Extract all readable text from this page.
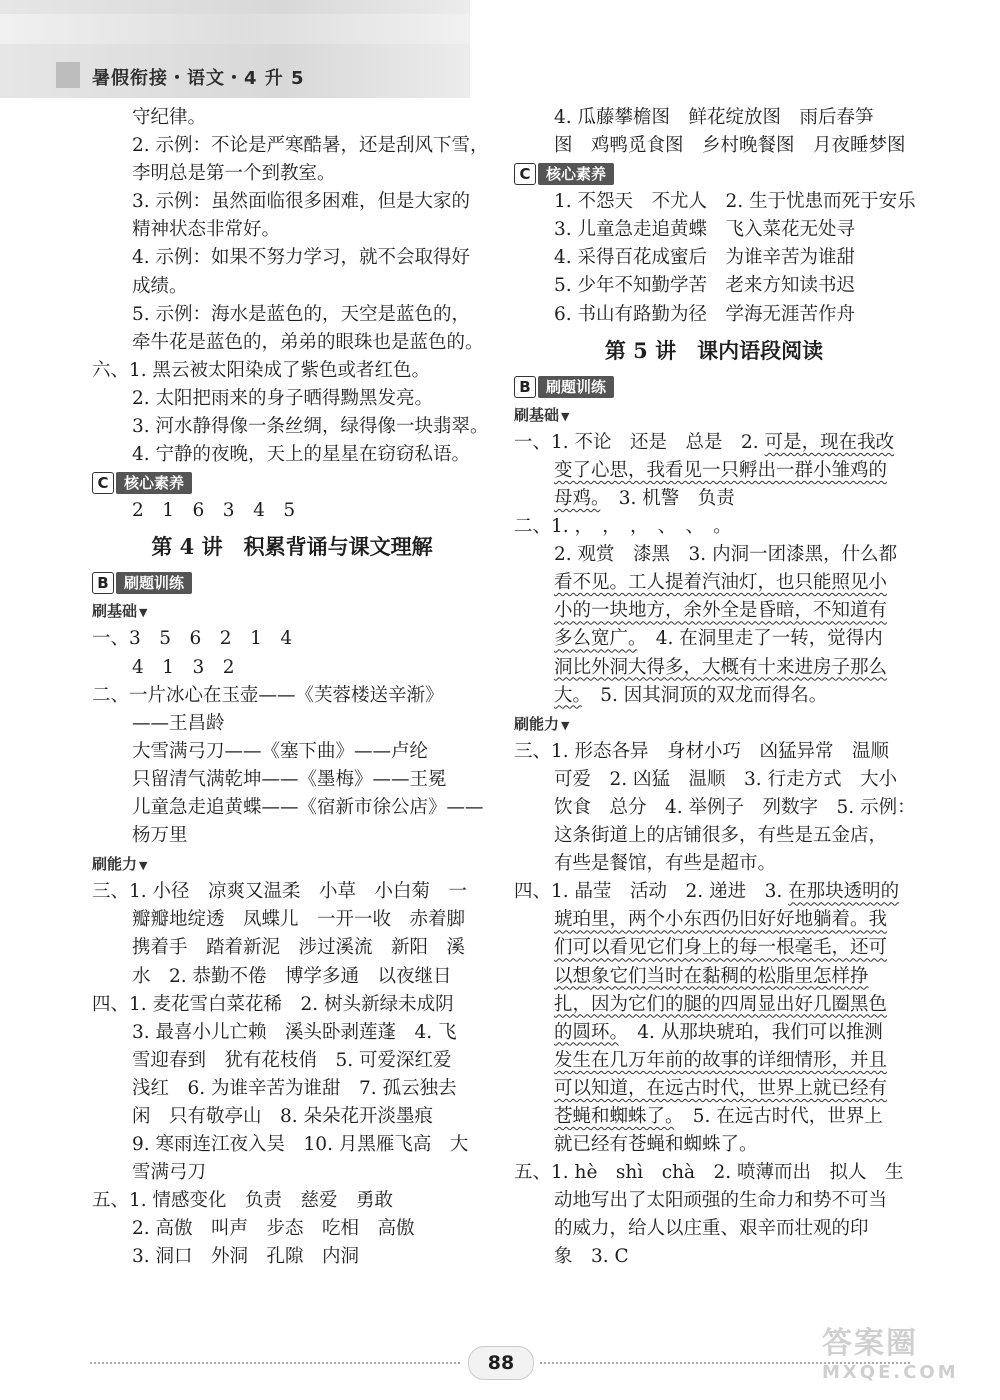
暑假衔接・语文・4 升 5
守纪律。
2. 示例：不论是严寒酷暑，还是刮风下雪，
李明总是第一个到教室。
3. 示例：虽然面临很多困难，但是大家的
精神状态非常好。
4. 示例：如果不努力学习，就不会取得好
成绩。
5. 示例：海水是蓝色的，天空是蓝色的，
牵牛花是蓝色的，弟弟的眼珠也是蓝色的。
六、1. 黑云被太阳染成了紫色或者红色。
2. 太阳把雨来的身子晒得黝黑发亮。
3. 河水静得像一条丝绸，绿得像一块翡翠。
4. 宁静的夜晚，天上的星星在窃窃私语。
C	核心素养
2　1　6　3　4　5
第 4 讲　积累背诵与课文理解
B	刷题训练
刷基础 ▼
一、3　5　6　2　1　4
4　1　3　2
二、一片冰心在玉壶——《芙蓉楼送辛渐》
——王昌龄
大雪满弓刀——《塞下曲》——卢纶
只留清气满乾坤——《墨梅》——王冕
儿童急走追黄蝶——《宿新市徐公店》——
杨万里
刷能力 ▼
三、1. 小径　凉爽又温柔　小草　小白菊　一
瓣瓣地绽透　凤蝶儿　一开一收　赤着脚
携着手　踏着新泥　涉过溪流　新阳　溪
水　2. 恭勤不倦　博学多通　以夜继日
四、1. 麦花雪白菜花稀　2. 树头新绿未成阴
3. 最喜小儿亡赖　溪头卧剥莲蓬　4. 飞
雪迎春到　犹有花枝俏　5. 可爱深红爱
浅红　6. 为谁辛苦为谁甜　7. 孤云独去
闲　只有敬亭山　8. 朵朵花开淡墨痕
9. 寒雨连江夜入吴　10. 月黑雁飞高　大
雪满弓刀
五、1. 情感变化　负责　慈爱　勇敢
2. 高傲　叫声　步态　吃相　高傲
3. 洞口　外洞　孔隙　内洞
4. 瓜藤攀檐图　鲜花绽放图　雨后春笋
图　鸡鸭觅食图　乡村晚餐图　月夜睡梦图
C	核心素养
1. 不怨天　不尤人　2. 生于忧患而死于安乐
3. 儿童急走追黄蝶　飞入菜花无处寻
4. 采得百花成蜜后　为谁辛苦为谁甜
5. 少年不知勤学苦　老来方知读书迟
6. 书山有路勤为径　学海无涯苦作舟
第 5 讲　课内语段阅读
B	刷题训练
刷基础 ▼
一、1. 不论　还是　总是　2. 可是，现在我改
变了心思，我看见一只孵出一群小雏鸡的
母鸡。　3. 机警　负责
二、1. ，　，　，　、　、　。
2. 观赏　漆黑　3. 内洞一团漆黑，什么都
看不见。工人提着汽油灯，也只能照见小
小的一块地方，余外全是昏暗，不知道有
多么宽广。　4. 在洞里走了一转，觉得内
洞比外洞大得多，大概有十来进房子那么
大。　5. 因其洞顶的双龙而得名。
刷能力 ▼
三、1. 形态各异　身材小巧　凶猛异常　温顺
可爱　2. 凶猛　温顺　3. 行走方式　大小
饮食　总分　4. 举例子　列数字　5. 示例：
这条街道上的店铺很多，有些是五金店，
有些是餐馆，有些是超市。
四、1. 晶莹　活动　2. 递进　3. 在那块透明的
琥珀里，两个小东西仍旧好好地躺着。我
们可以看见它们身上的每一根毫毛，还可
以想象它们当时在黏稠的松脂里怎样挣
扎，因为它们的腿的四周显出好几圈黑色
的圆环。　4. 从那块琥珀，我们可以推测
发生在几万年前的故事的详细情形，并且
可以知道，在远古时代，世界上就已经有
苍蝇和蜘蛛了。　5. 在远古时代，世界上
就已经有苍蝇和蜘蛛了。
五、1. hè　shì　chà　2. 喷薄而出　拟人　生
动地写出了太阳顽强的生命力和势不可当
的威力，给人以庄重、艰辛而壮观的印
象　3. C
88
答案圈
MXQE.COM
